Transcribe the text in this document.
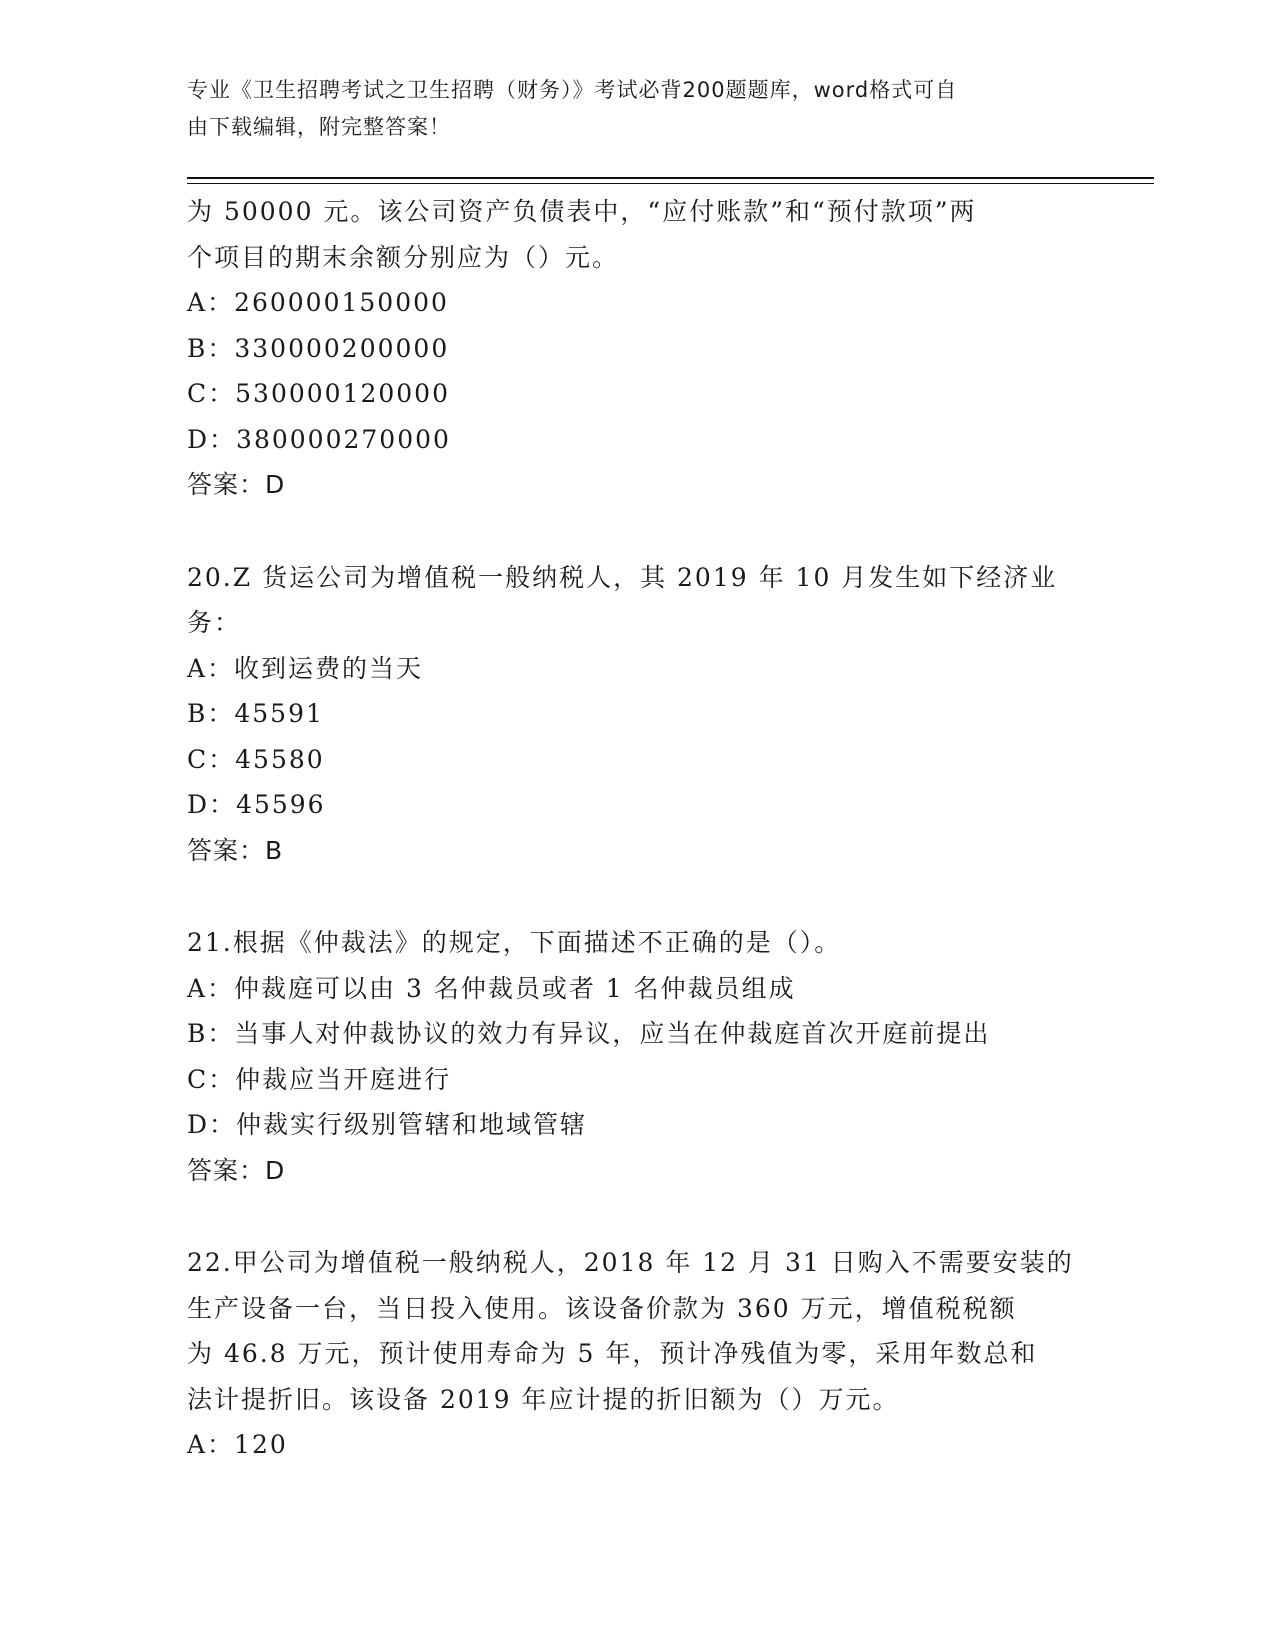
专业《卫生招聘考试之卫生招聘（财务）》考试必背200题题库，word格式可自
由下载编辑，附完整答案！
为 50000 元。该公司资产负债表中，“应付账款”和“预付款项”两
个项目的期末余额分别应为（）元。
A：260000150000
B：330000200000
C：530000120000
D：380000270000
答案：D
20.Z 货运公司为增值税一般纳税人，其 2019 年 10 月发生如下经济业
务：
A：收到运费的当天
B：45591
C：45580
D：45596
答案：B
21.根据《仲裁法》的规定，下面描述不正确的是（）。
A：仲裁庭可以由 3 名仲裁员或者 1 名仲裁员组成
B：当事人对仲裁协议的效力有异议，应当在仲裁庭首次开庭前提出
C：仲裁应当开庭进行
D：仲裁实行级别管辖和地域管辖
答案：D
22.甲公司为增值税一般纳税人，2018 年 12 月 31 日购入不需要安装的
生产设备一台，当日投入使用。该设备价款为 360 万元，增值税税额
为 46.8 万元，预计使用寿命为 5 年，预计净残值为零，采用年数总和
法计提折旧。该设备 2019 年应计提的折旧额为（）万元。
A：120
